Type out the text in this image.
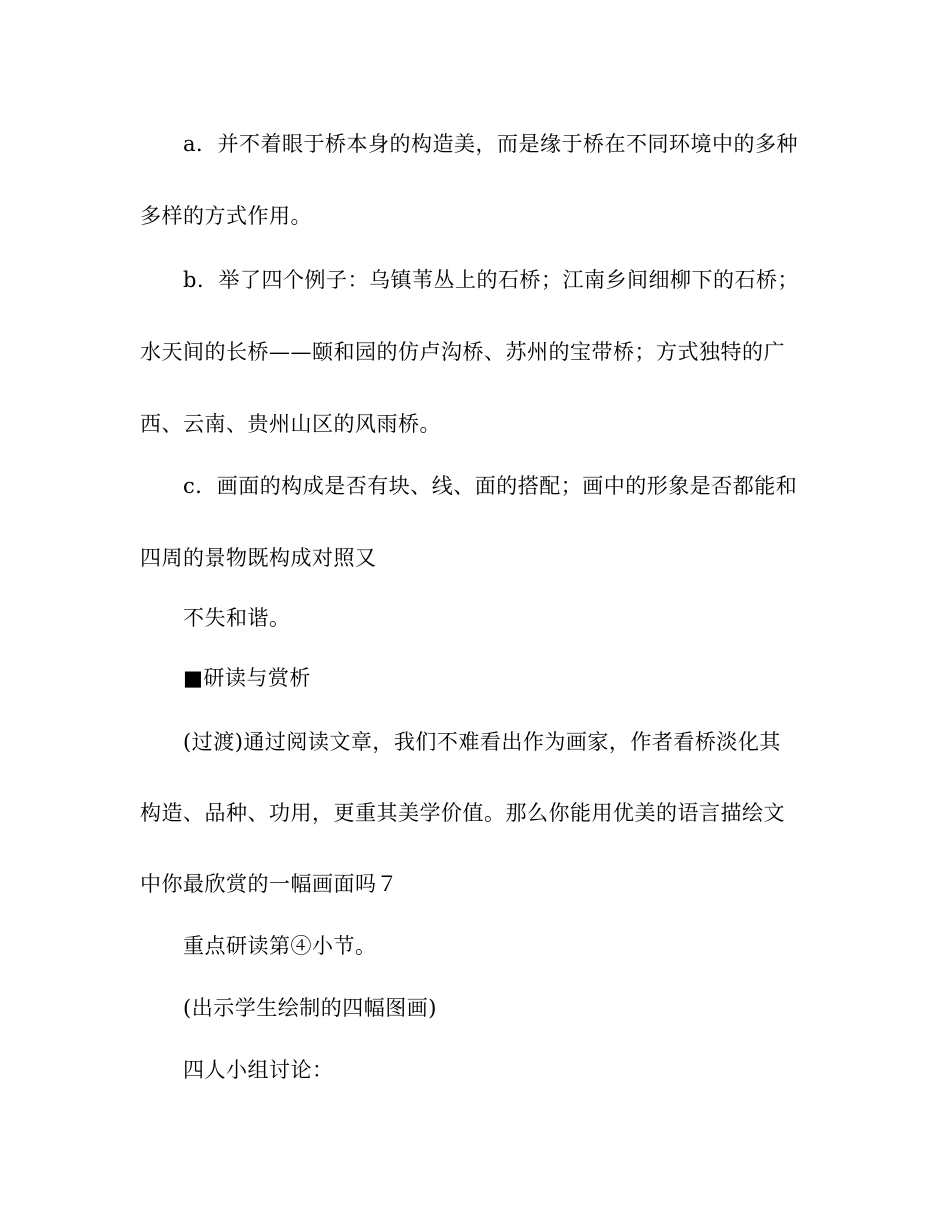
a．并不着眼于桥本身的构造美，而是缘于桥在不同环境中的多种
多样的方式作用。
b．举了四个例子：乌镇苇丛上的石桥；江南乡间细柳下的石桥；
水天间的长桥——颐和园的仿卢沟桥、苏州的宝带桥；方式独特的广
西、云南、贵州山区的风雨桥。
c．画面的构成是否有块、线、面的搭配；画中的形象是否都能和
四周的景物既构成对照又
不失和谐。
■研读与赏析
(过渡)通过阅读文章，我们不难看出作为画家，作者看桥淡化其
构造、品种、功用，更重其美学价值。那么你能用优美的语言描绘文
中你最欣赏的一幅画面吗７
重点研读第④小节。
(出示学生绘制的四幅图画)
四人小组讨论：
